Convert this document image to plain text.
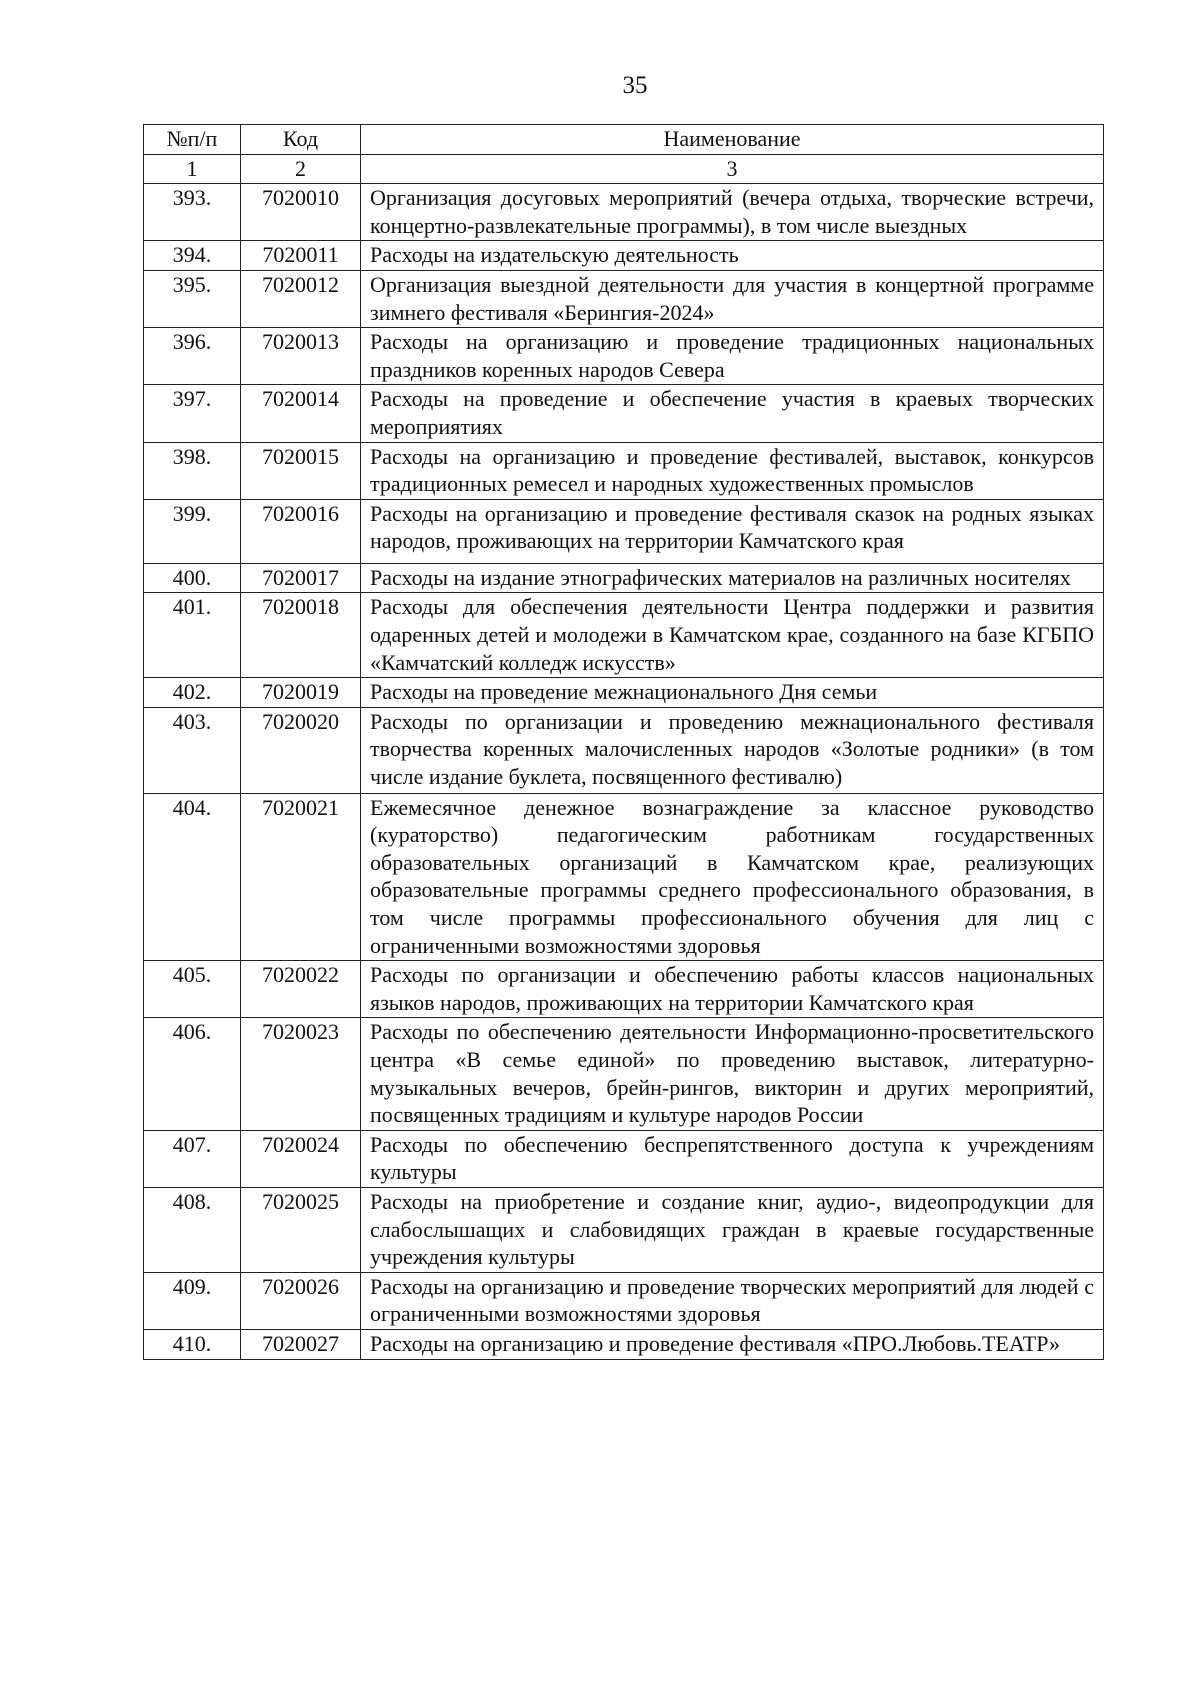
35
№п/п	Код	Наименование
1	2	3
393.	7020010	Организация досуговых мероприятий (вечера отдыха, творческие встречи, концертно-развлекательные программы), в том числе выездных
394.	7020011	Расходы на издательскую деятельность
395.	7020012	Организация выездной деятельности для участия в концертной программе зимнего фестиваля «Берингия-2024»
396.	7020013	Расходы на организацию и проведение традиционных национальных праздников коренных народов Севера
397.	7020014	Расходы на проведение и обеспечение участия в краевых творческих мероприятиях
398.	7020015	Расходы на организацию и проведение фестивалей, выставок, конкурсов традиционных ремесел и народных художественных промыслов
399.	7020016	Расходы на организацию и проведение фестиваля сказок на родных языках народов, проживающих на территории Камчатского края
400.	7020017	Расходы на издание этнографических материалов на различных носителях
401.	7020018	Расходы для обеспечения деятельности Центра поддержки и развития одаренных детей и молодежи в Камчатском крае, созданного на базе КГБПО «Камчатский колледж искусств»
402.	7020019	Расходы на проведение межнационального Дня семьи
403.	7020020	Расходы по организации и проведению межнационального фестиваля творчества коренных малочисленных народов «Золотые родники» (в том числе издание буклета, посвященного фестивалю)
404.	7020021	Ежемесячное денежное вознаграждение за классное руководство (кураторство) педагогическим работникам государственных образовательных организаций в Камчатском крае, реализующих образовательные программы среднего профессионального образования, в том числе программы профессионального обучения для лиц с ограниченными возможностями здоровья
405.	7020022	Расходы по организации и обеспечению работы классов национальных языков народов, проживающих на территории Камчатского края
406.	7020023	Расходы по обеспечению деятельности Информационно-просветительского центра «В семье единой» по проведению выставок, литературно-музыкальных вечеров, брейн-рингов, викторин и других мероприятий, посвященных традициям и культуре народов России
407.	7020024	Расходы по обеспечению беспрепятственного доступа к учреждениям культуры
408.	7020025	Расходы на приобретение и создание книг, аудио-, видеопродукции для слабослышащих и слабовидящих граждан в краевые государственные учреждения культуры
409.	7020026	Расходы на организацию и проведение творческих мероприятий для людей с ограниченными возможностями здоровья
410.	7020027	Расходы на организацию и проведение фестиваля «ПРО.Любовь.ТЕАТР»
